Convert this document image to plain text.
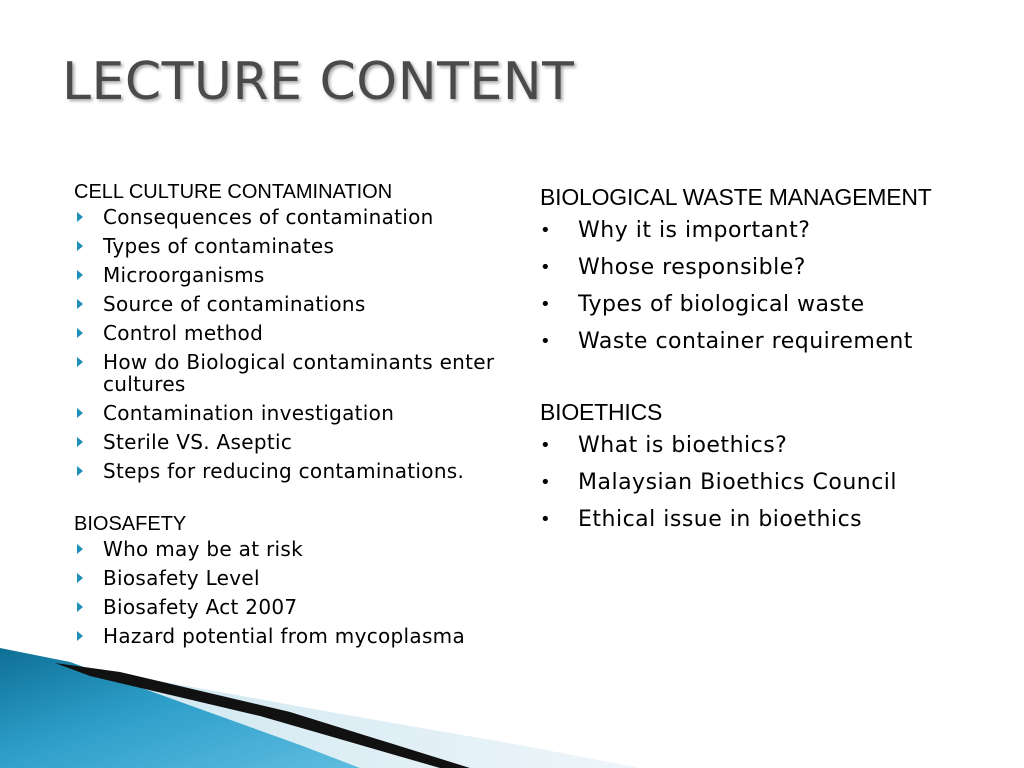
LECTURE CONTENT
CELL CULTURE CONTAMINATION
Consequences of contamination
Types of contaminates
Microorganisms
Source of contaminations
Control method
How do Biological contaminants enter cultures
Contamination investigation
Sterile VS. Aseptic
Steps for reducing contaminations.
BIOSAFETY
Who may be at risk
Biosafety Level
Biosafety Act 2007
Hazard potential from mycoplasma
BIOLOGICAL WASTE MANAGEMENT
• Why it is important?
• Whose responsible?
• Types of biological waste
• Waste container requirement
BIOETHICS
• What is bioethics?
• Malaysian Bioethics Council
• Ethical issue in bioethics
